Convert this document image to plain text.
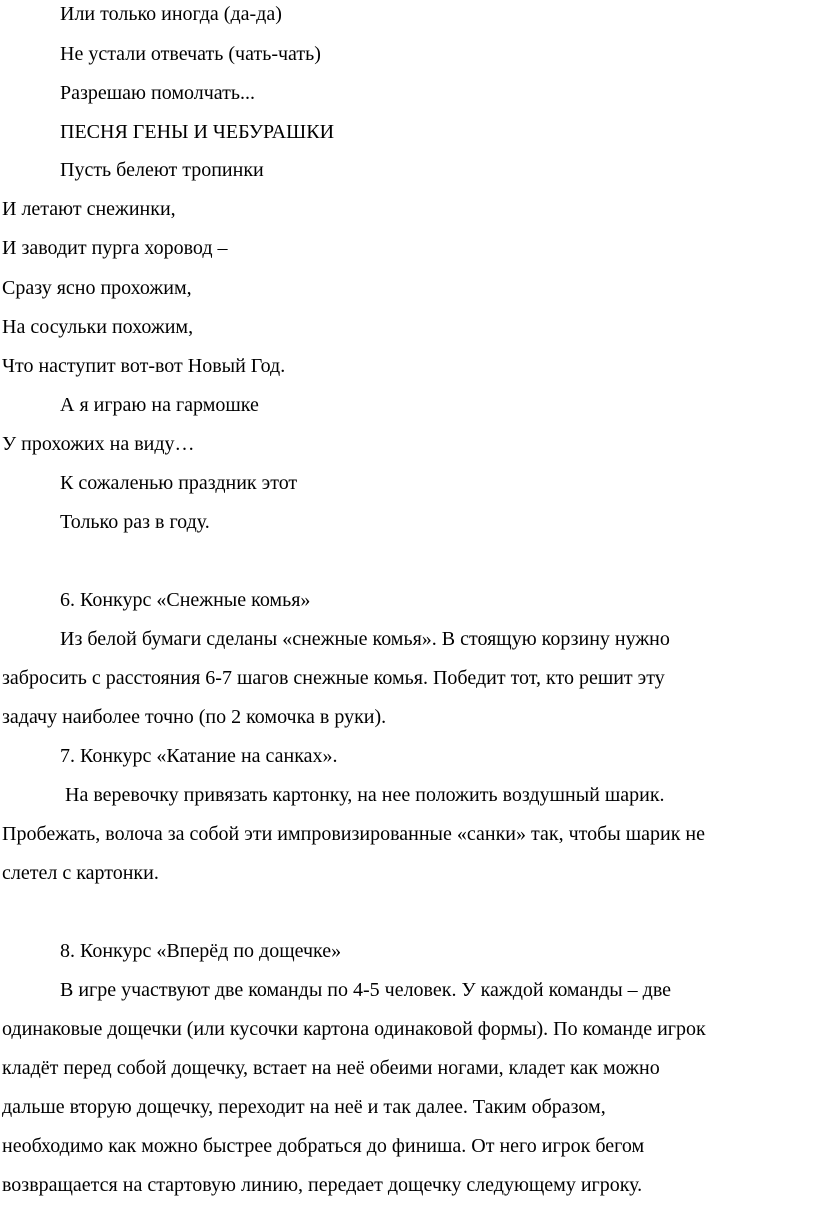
Или только иногда (да-да)
Не устали отвечать (чать-чать)
Разрешаю помолчать...
ПЕСНЯ ГЕНЫ И ЧЕБУРАШКИ
Пусть белеют тропинки
И летают снежинки,
И заводит пурга хоровод –
Сразу ясно прохожим,
На сосульки похожим,
Что наступит вот-вот Новый Год.
А я играю на гармошке
У прохожих на виду…
К сожаленью праздник этот
Только раз в году.
6. Конкурс «Снежные комья»
Из белой бумаги сделаны «снежные комья». В стоящую корзину нужно
забросить с расстояния 6-7 шагов снежные комья. Победит тот, кто решит эту
задачу наиболее точно (по 2 комочка в руки).
7. Конкурс «Катание на санках».
На веревочку привязать картонку, на нее положить воздушный шарик.
Пробежать, волоча за собой эти импровизированные «санки» так, чтобы шарик не
слетел с картонки.
8. Конкурс «Вперёд по дощечке»
В игре участвуют две команды по 4-5 человек. У каждой команды – две
одинаковые дощечки (или кусочки картона одинаковой формы). По команде игрок
кладёт перед собой дощечку, встает на неё обеими ногами, кладет как можно
дальше вторую дощечку, переходит на неё и так далее. Таким образом,
необходимо как можно быстрее добраться до финиша. От него игрок бегом
возвращается на стартовую линию, передает дощечку следующему игроку.
